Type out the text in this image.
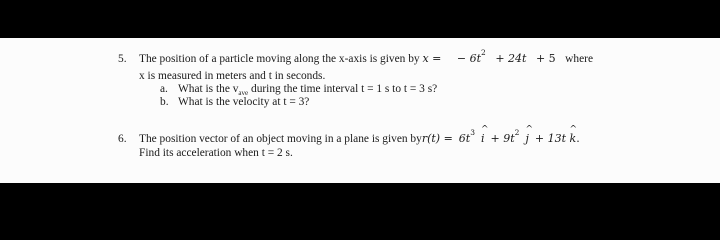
5. The position of a particle moving along the x-axis is given by x = − $6t^2 + 24t + 5$ where
x is measured in meters and t in seconds.
a. What is the $v_{ave}$ during the time interval t = 1 s to t = 3 s?
b. What is the velocity at t = 3?
6. The position vector of an object moving in a plane is given $byr(t) = 6t^3\^{}$ $i + 9t^2\^{}$ j + 13t ^ k.
Find its acceleration when t = 2 s.
